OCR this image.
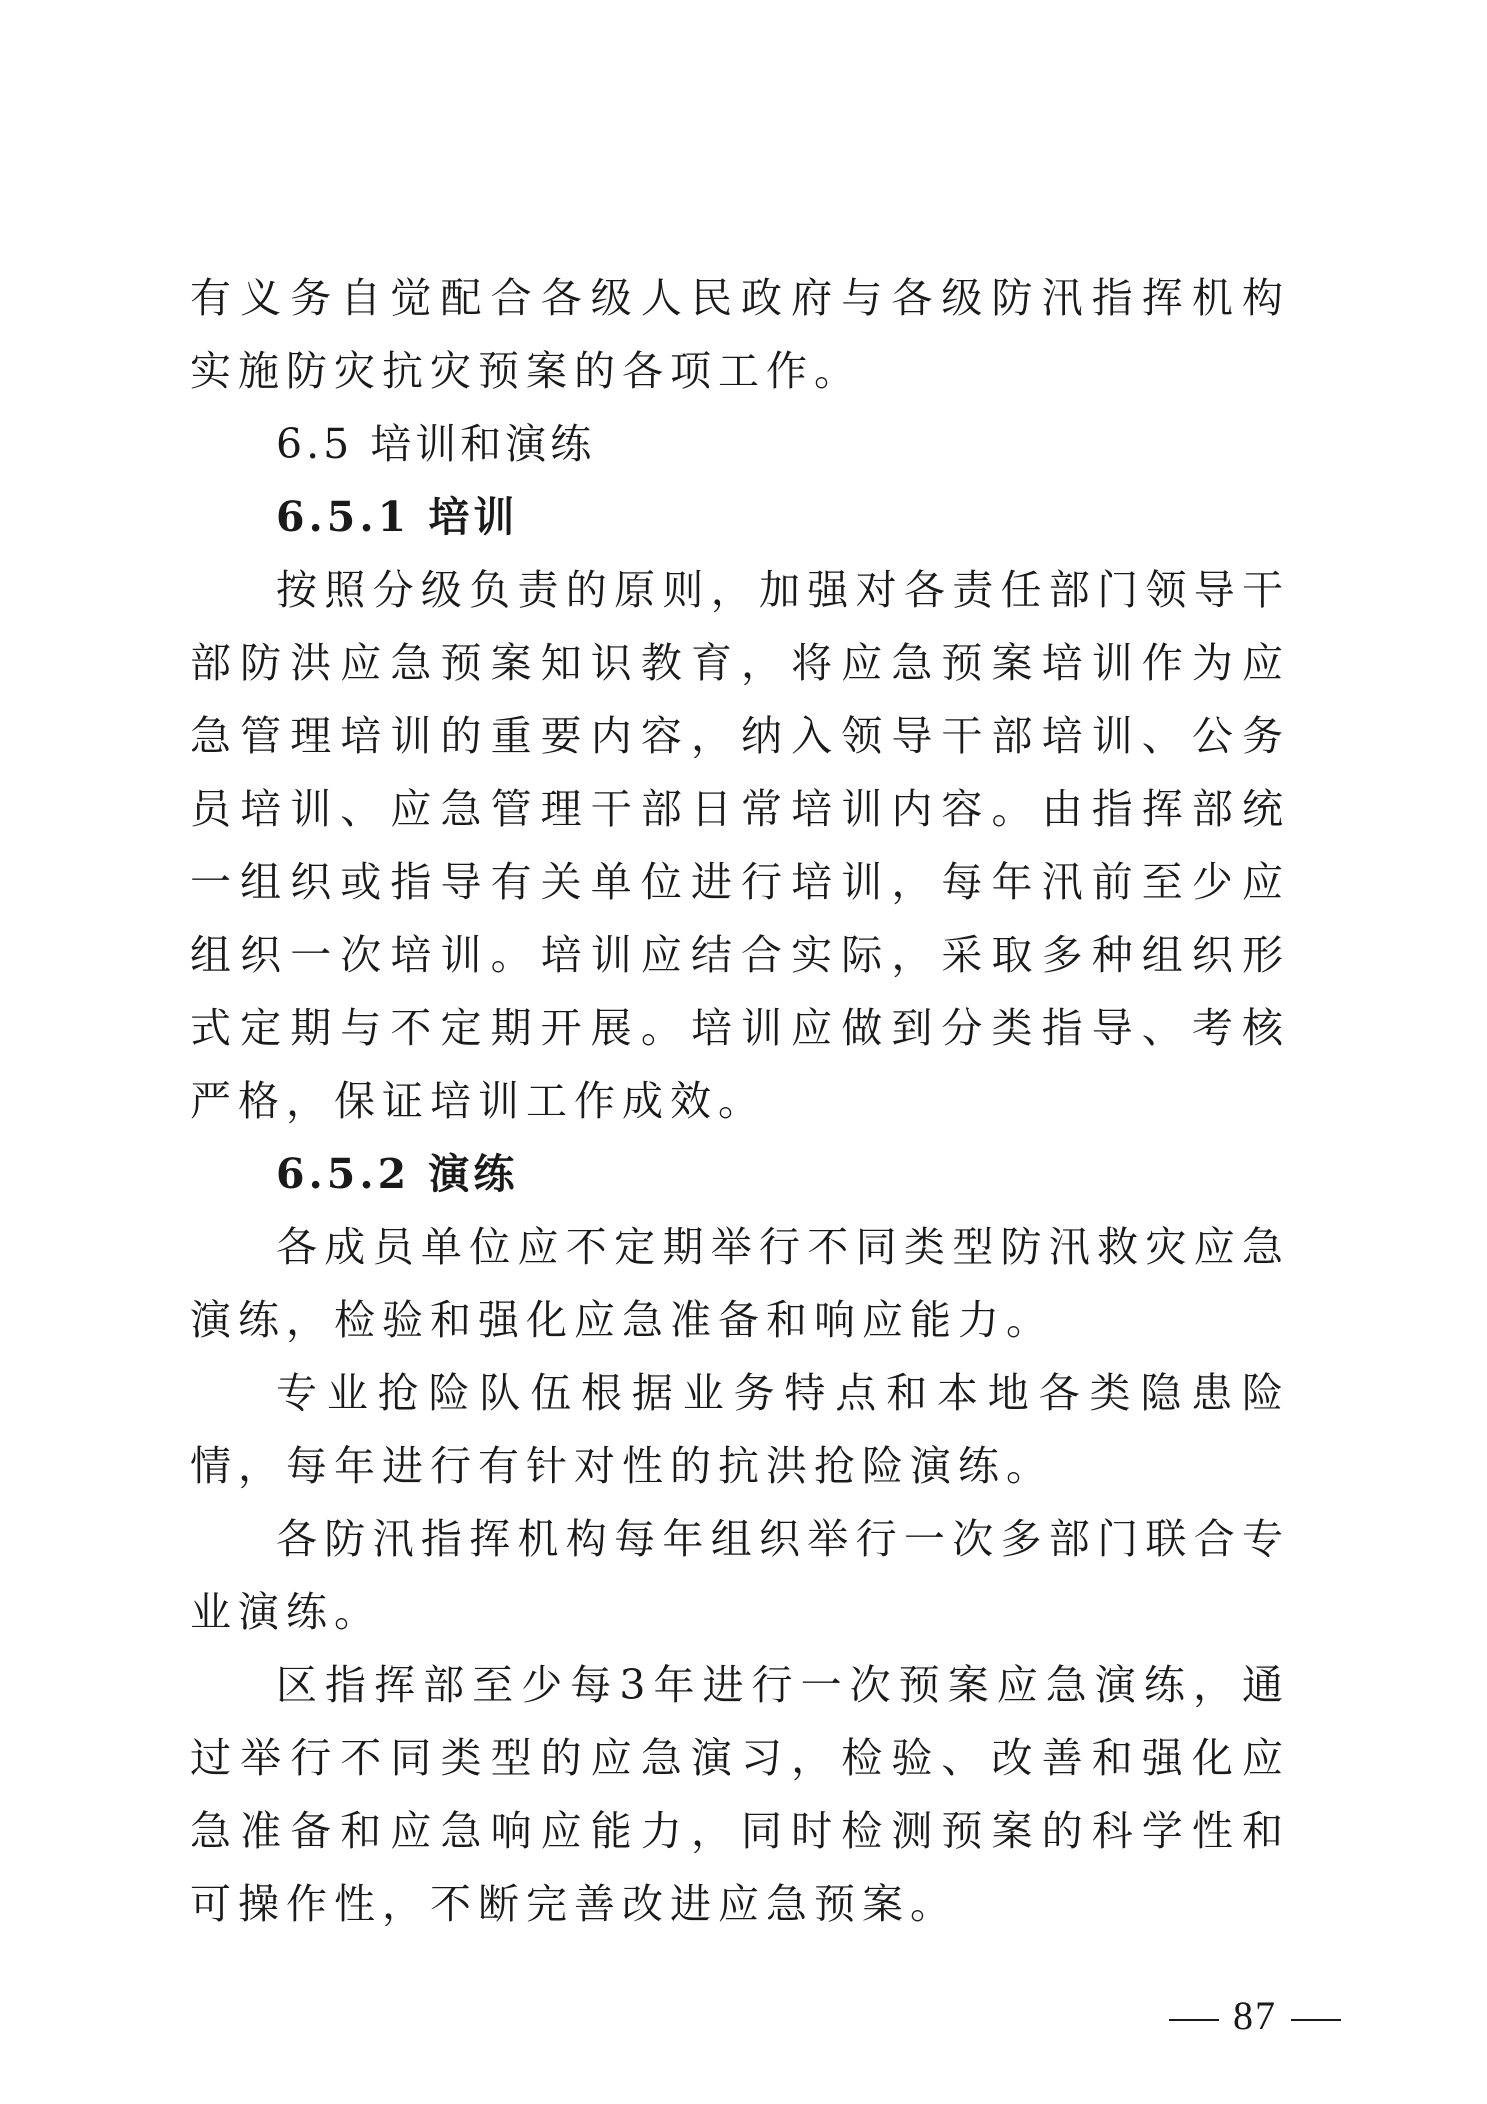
有义务自觉配合各级人民政府与各级防汛指挥机构实施防灾抗灾预案的各项工作。

6.5 培训和演练

6.5.1 培训

按照分级负责的原则，加强对各责任部门领导干部防洪应急预案知识教育，将应急预案培训作为应急管理培训的重要内容，纳入领导干部培训、公务员培训、应急管理干部日常培训内容。由指挥部统一组织或指导有关单位进行培训，每年汛前至少应组织一次培训。培训应结合实际，采取多种组织形式定期与不定期开展。培训应做到分类指导、考核严格，保证培训工作成效。

6.5.2 演练

各成员单位应不定期举行不同类型防汛救灾应急演练，检验和强化应急准备和响应能力。

专业抢险队伍根据业务特点和本地各类隐患险情，每年进行有针对性的抗洪抢险演练。

各防汛指挥机构每年组织举行一次多部门联合专业演练。

区指挥部至少每3年进行一次预案应急演练，通过举行不同类型的应急演习，检验、改善和强化应急准备和应急响应能力，同时检测预案的科学性和可操作性，不断完善改进应急预案。

87
